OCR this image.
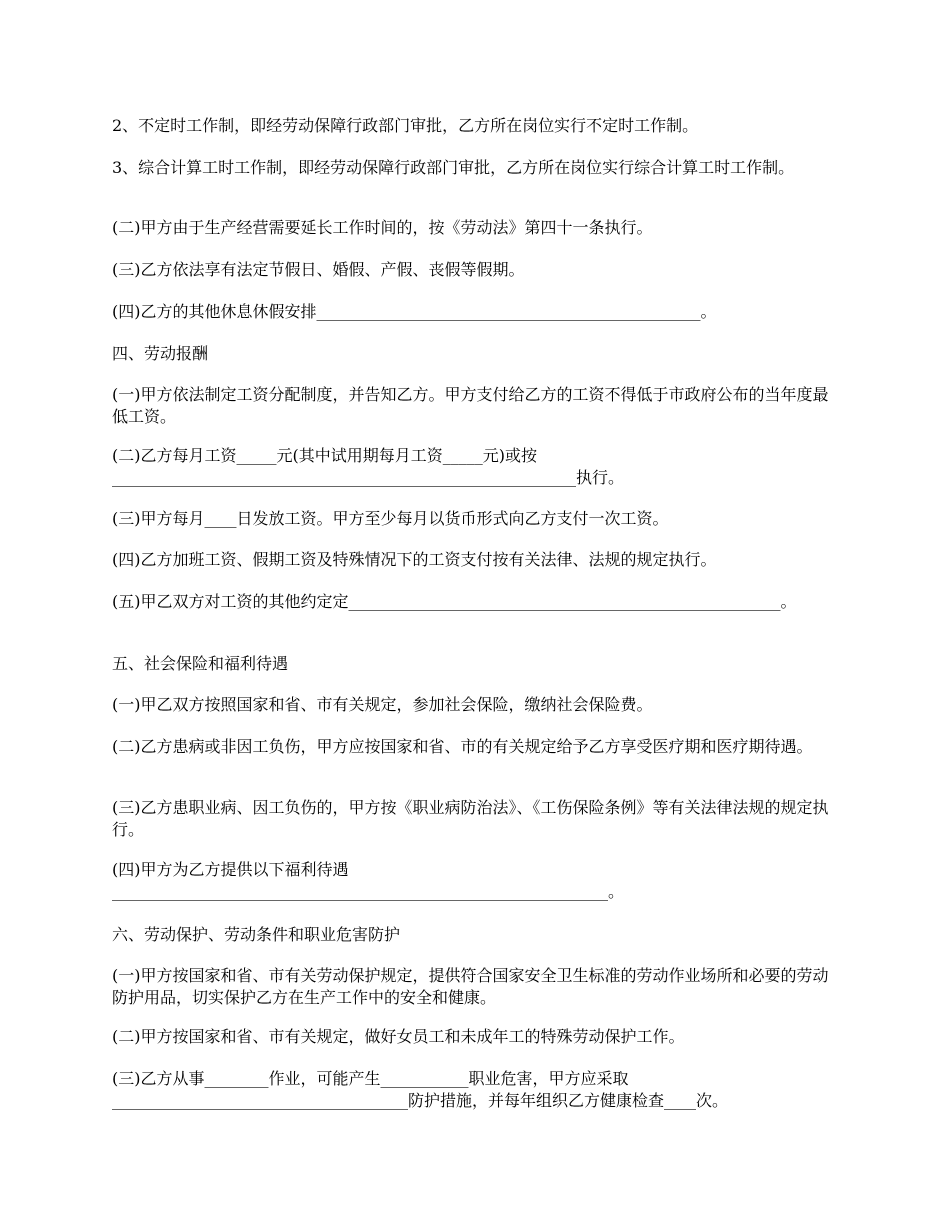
2、不定时工作制，即经劳动保障行政部门审批，乙方所在岗位实行不定时工作制。

3、综合计算工时工作制，即经劳动保障行政部门审批，乙方所在岗位实行综合计算工时工作制。

(二)甲方由于生产经营需要延长工作时间的，按《劳动法》第四十一条执行。

(三)乙方依法享有法定节假日、婚假、产假、丧假等假期。

(四)乙方的其他休息休假安排________________________________________________。

四、劳动报酬

(一)甲方依法制定工资分配制度，并告知乙方。甲方支付给乙方的工资不得低于市政府公布的当年度最低工资。

(二)乙方每月工资_____元(其中试用期每月工资_____元)或按__________________________________________________________执行。

(三)甲方每月____日发放工资。甲方至少每月以货币形式向乙方支付一次工资。

(四)乙方加班工资、假期工资及特殊情况下的工资支付按有关法律、法规的规定执行。

(五)甲乙双方对工资的其他约定定______________________________________________________。

五、社会保险和福利待遇

(一)甲乙双方按照国家和省、市有关规定，参加社会保险，缴纳社会保险费。

(二)乙方患病或非因工负伤，甲方应按国家和省、市的有关规定给予乙方享受医疗期和医疗期待遇。

(三)乙方患职业病、因工负伤的，甲方按《职业病防治法》、《工伤保险条例》等有关法律法规的规定执行。

(四)甲方为乙方提供以下福利待遇______________________________________________________________。

六、劳动保护、劳动条件和职业危害防护

(一)甲方按国家和省、市有关劳动保护规定，提供符合国家安全卫生标准的劳动作业场所和必要的劳动防护用品，切实保护乙方在生产工作中的安全和健康。

(二)甲方按国家和省、市有关规定，做好女员工和未成年工的特殊劳动保护工作。

(三)乙方从事________作业，可能产生___________职业危害，甲方应采取_____________________________________防护措施，并每年组织乙方健康检查____次。
